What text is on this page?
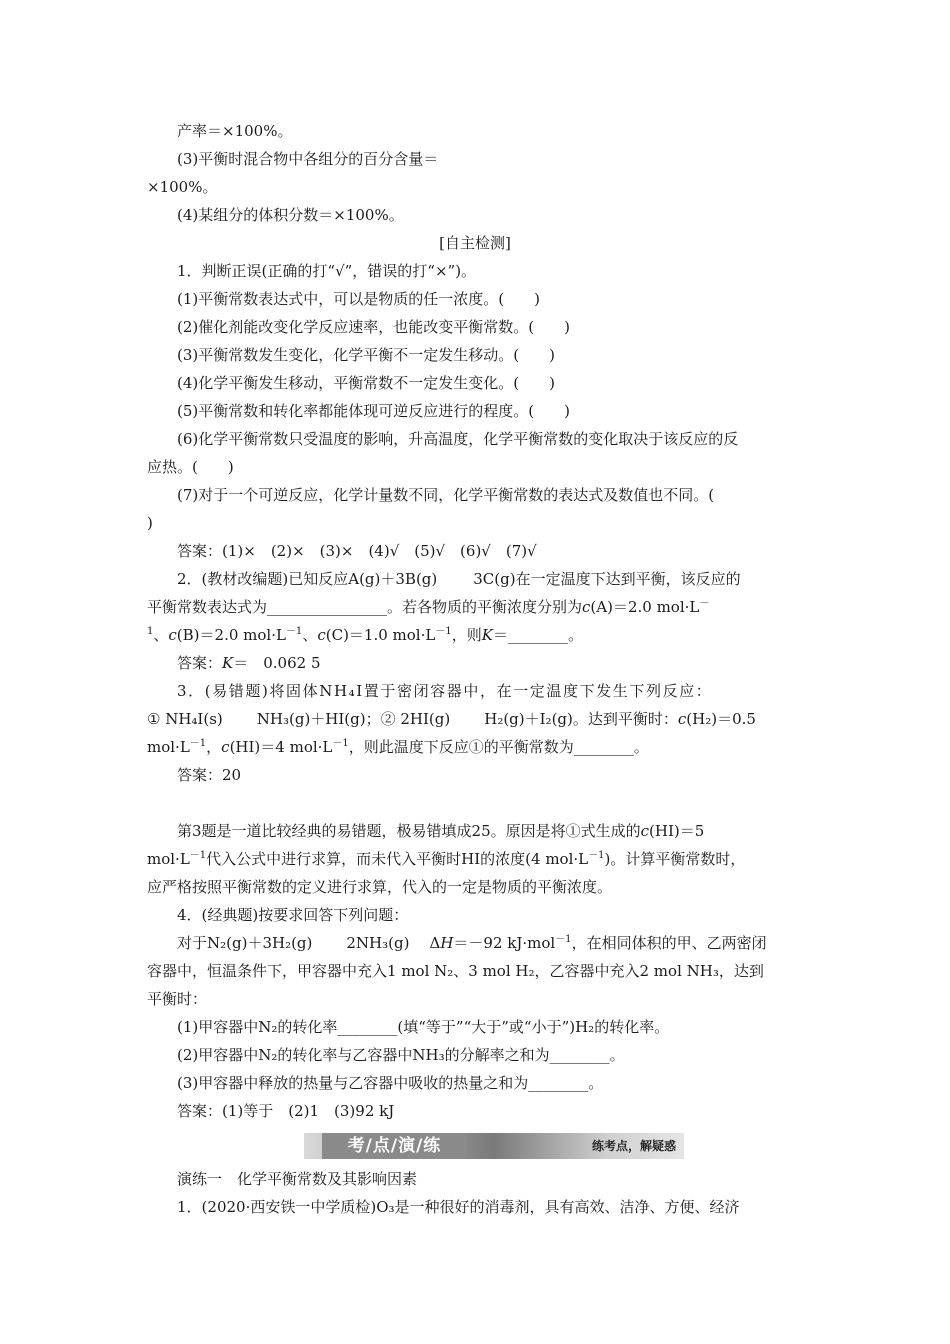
产率＝×100%。
(3)平衡时混合物中各组分的百分含量＝
×100%。
(4)某组分的体积分数＝×100%。
[自主检测]
1．判断正误(正确的打“√”，错误的打“×”)。
(1)平衡常数表达式中，可以是物质的任一浓度。(　　)
(2)催化剂能改变化学反应速率，也能改变平衡常数。(　　)
(3)平衡常数发生变化，化学平衡不一定发生移动。(　　)
(4)化学平衡发生移动，平衡常数不一定发生变化。(　　)
(5)平衡常数和转化率都能体现可逆反应进行的程度。(　　)
(6)化学平衡常数只受温度的影响，升高温度，化学平衡常数的变化取决于该反应的反
应热。(　　)
(7)对于一个可逆反应，化学计量数不同，化学平衡常数的表达式及数值也不同。(
)
答案：(1)×　(2)×　(3)×　(4)√　(5)√　(6)√　(7)√
2．(教材改编题)已知反应A(g)＋3B(g) 3C(g)在一定温度下达到平衡，该反应的
平衡常数表达式为________________。若各物质的平衡浓度分别为c(A)＝2.0 mol·L－
$^1$、c(B)＝2.0 $mol\cdot L^{-1}$、c(C)＝1.0 $mol\cdot L^{-1}$，则K＝________。
答案：K＝　0.062 5
3．(易错题)将固体NH₄I置于密闭容器中，在一定温度下发生下列反应：
① NH₄I(s) NH₃(g)＋HI(g)；② 2HI(g) H₂(g)＋I₂(g)。达到平衡时：c(H₂)＝0.5
$mol\cdot L^{-1}$，c(HI)＝4 $mol\cdot L^{-1}$，则此温度下反应①的平衡常数为________。
答案：20
第3题是一道比较经典的易错题，极易错填成25。原因是将①式生成的c(HI)＝5
$mol\cdot L^{-1}$代入公式中进行求算，而未代入平衡时HI的浓度(4 $mol\cdot L^{-1}$)。计算平衡常数时，
应严格按照平衡常数的定义进行求算，代入的一定是物质的平衡浓度。
4．(经典题)按要求回答下列问题：
对于N₂(g)＋3H₂(g) 2NH₃(g) ΔH＝－92 kJ·mol$^{-1}$，在相同体积的甲、乙两密闭
容器中，恒温条件下，甲容器中充入1 mol N₂、3 mol H₂，乙容器中充入2 mol NH₃，达到
平衡时：
(1)甲容器中N₂的转化率________(填“等于”“大于”或“小于”)H₂的转化率。
(2)甲容器中N₂的转化率与乙容器中NH₃的分解率之和为________。
(3)甲容器中释放的热量与乙容器中吸收的热量之和为________。
答案：(1)等于　(2)1　(3)92 kJ
考/点/演/练	练考点，解疑惑
演练一　化学平衡常数及其影响因素
1．(2020·西安铁一中学质检)O₃是一种很好的消毒剂，具有高效、洁净、方便、经济
